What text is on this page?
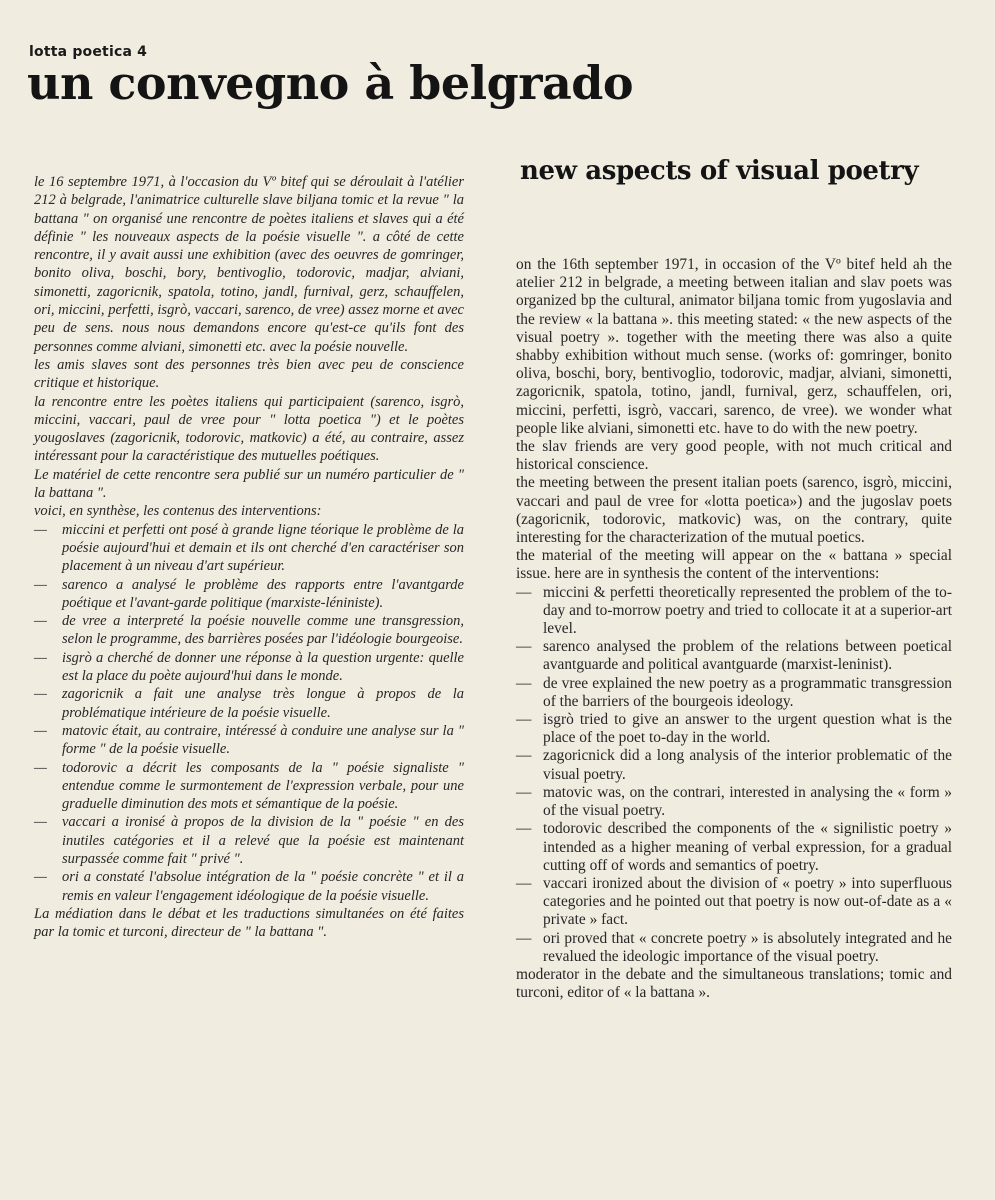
lotta poetica 4
un convegno à belgrado

le 16 septembre 1971, à l'occasion du Vº bitef qui se déroulait à l'atélier 212 à belgrade, l'animatrice culturelle slave biljana tomic et la revue " la battana " on organisé une rencontre de poètes italiens et slaves qui a été définie " les nouveaux aspects de la poésie visuelle ". a côté de cette rencontre, il y avait aussi une exhibition (avec des oeuvres de gomringer, bonito oliva, boschi, bory, bentivoglio, todorovic, madjar, alviani, simonetti, zagoricnik, spatola, totino, jandl, furnival, gerz, schauffelen, ori, miccini, perfetti, isgrò, vaccari, sarenco, de vree) assez morne et avec peu de sens. nous nous demandons encore qu'est-ce qu'ils font des personnes comme alviani, simonetti etc. avec la poésie nouvelle.

les amis slaves sont des personnes très bien avec peu de conscience critique et historique.

la rencontre entre les poètes italiens qui participaient (sarenco, isgrò, miccini, vaccari, paul de vree pour " lotta poetica ") et le poètes yougoslaves (zagoricnik, todorovic, matkovic) a été, au contraire, assez intéressant pour la caractéristique des mutuelles poétiques.

Le matériel de cette rencontre sera publié sur un numéro particulier de " la battana ".

voici, en synthèse, les contenus des interventions:

— miccini et perfetti ont posé à grande ligne téorique le problème de la poésie aujourd'hui et demain et ils ont cherché d'en caractériser son placement à un niveau d'art supérieur.
— sarenco a analysé le problème des rapports entre l'avantgarde poétique et l'avant-garde politique (marxiste-léniniste).
— de vree a interpreté la poésie nouvelle comme une transgression, selon le programme, des barrières posées par l'idéologie bourgeoise.
— isgrò a cherché de donner une réponse à la question urgente: quelle est la place du poète aujourd'hui dans le monde.
— zagoricnik a fait une analyse très longue à propos de la problématique intérieure de la poésie visuelle.
— matovic était, au contraire, intéressé à conduire une analyse sur la " forme " de la poésie visuelle.
— todorovic a décrit les composants de la " poésie signaliste " entendue comme le surmontement de l'expression verbale, pour une graduelle diminution des mots et sémantique de la poésie.
— vaccari a ironisé à propos de la division de la " poésie " en des inutiles catégories et il a relevé que la poésie est maintenant surpassée comme fait " privé ".
— ori a constaté l'absolue intégration de la " poésie concrète " et il a remis en valeur l'engagement idéologique de la poésie visuelle.

La médiation dans le débat et les traductions simultanées on été faites par la tomic et turconi, directeur de " la battana ".

new aspects of visual poetry

on the 16th september 1971, in occasion of the Vº bitef held ah the atelier 212 in belgrade, a meeting between italian and slav poets was organized bp the cultural, animator biljana tomic from yugoslavia and the review « la battana ». this meeting stated: « the new aspects of the visual poetry ». together with the meeting there was also a quite shabby exhibition without much sense. (works of: gomringer, bonito oliva, boschi, bory, bentivoglio, todorovic, madjar, alviani, simonetti, zagoricnik, spatola, totino, jandl, furnival, gerz, schauffelen, ori, miccini, perfetti, isgrò, vaccari, sarenco, de vree). we wonder what people like alviani, simonetti etc. have to do with the new poetry.

the slav friends are very good people, with not much critical and historical conscience.

the meeting between the present italian poets (sarenco, isgrò, miccini, vaccari and paul de vree for «lotta poetica») and the jugoslav poets (zagoricnik, todorovic, matkovic) was, on the contrary, quite interesting for the characterization of the mutual poetics.

the material of the meeting will appear on the « battana » special issue. here are in synthesis the content of the interventions:

— miccini & perfetti theoretically represented the problem of the to-day and to-morrow poetry and tried to collocate it at a superior-art level.
— sarenco analysed the problem of the relations between poetical avantguarde and political avantguarde (marxist-leninist).
— de vree explained the new poetry as a programmatic transgression of the barriers of the bourgeois ideology.
— isgrò tried to give an answer to the urgent question what is the place of the poet to-day in the world.
— zagoricnick did a long analysis of the interior problematic of the visual poetry.
— matovic was, on the contrari, interested in analysing the « form » of the visual poetry.
— todorovic described the components of the « signilistic poetry » intended as a higher meaning of verbal expression, for a gradual cutting off of words and semantics of poetry.
— vaccari ironized about the division of « poetry » into superfluous categories and he pointed out that poetry is now out-of-date as a « private » fact.
— ori proved that « concrete poetry » is absolutely integrated and he revalued the ideologic importance of the visual poetry.

moderator in the debate and the simultaneous translations; tomic and turconi, editor of « la battana ».
